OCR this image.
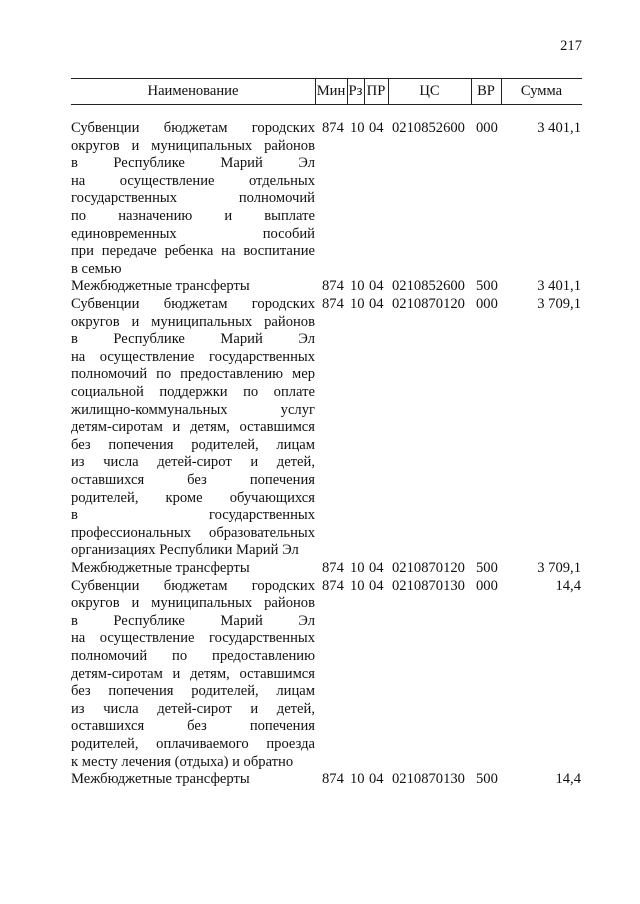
217
Наименование	Мин Рз ПР	ЦС	ВР	Сумма
Субвенции бюджетам городских
округов и муниципальных районов
в Республике Марий Эл
на осуществление отдельных
государственных полномочий
по назначению и выплате
единовременных пособий
при передаче ребенка на воспитание
в семью
874 10 04 0210852600 000	3 401,1
Межбюджетные трансферты	874 10 04 0210852600 500	3 401,1
Субвенции бюджетам городских
округов и муниципальных районов
в Республике Марий Эл
на осуществление государственных
полномочий по предоставлению мер
социальной поддержки по оплате
жилищно-коммунальных услуг
детям-сиротам и детям, оставшимся
без попечения родителей, лицам
из числа детей-сирот и детей,
оставшихся без попечения
родителей, кроме обучающихся
в государственных
профессиональных образовательных
организациях Республики Марий Эл
874 10 04 0210870120 000	3 709,1
Межбюджетные трансферты	874 10 04 0210870120 500	3 709,1
Субвенции бюджетам городских
округов и муниципальных районов
в Республике Марий Эл
на осуществление государственных
полномочий по предоставлению
детям-сиротам и детям, оставшимся
без попечения родителей, лицам
из числа детей-сирот и детей,
оставшихся без попечения
родителей, оплачиваемого проезда
к месту лечения (отдыха) и обратно
874 10 04 0210870130 000	14,4
Межбюджетные трансферты	874 10 04 0210870130 500	14,4
